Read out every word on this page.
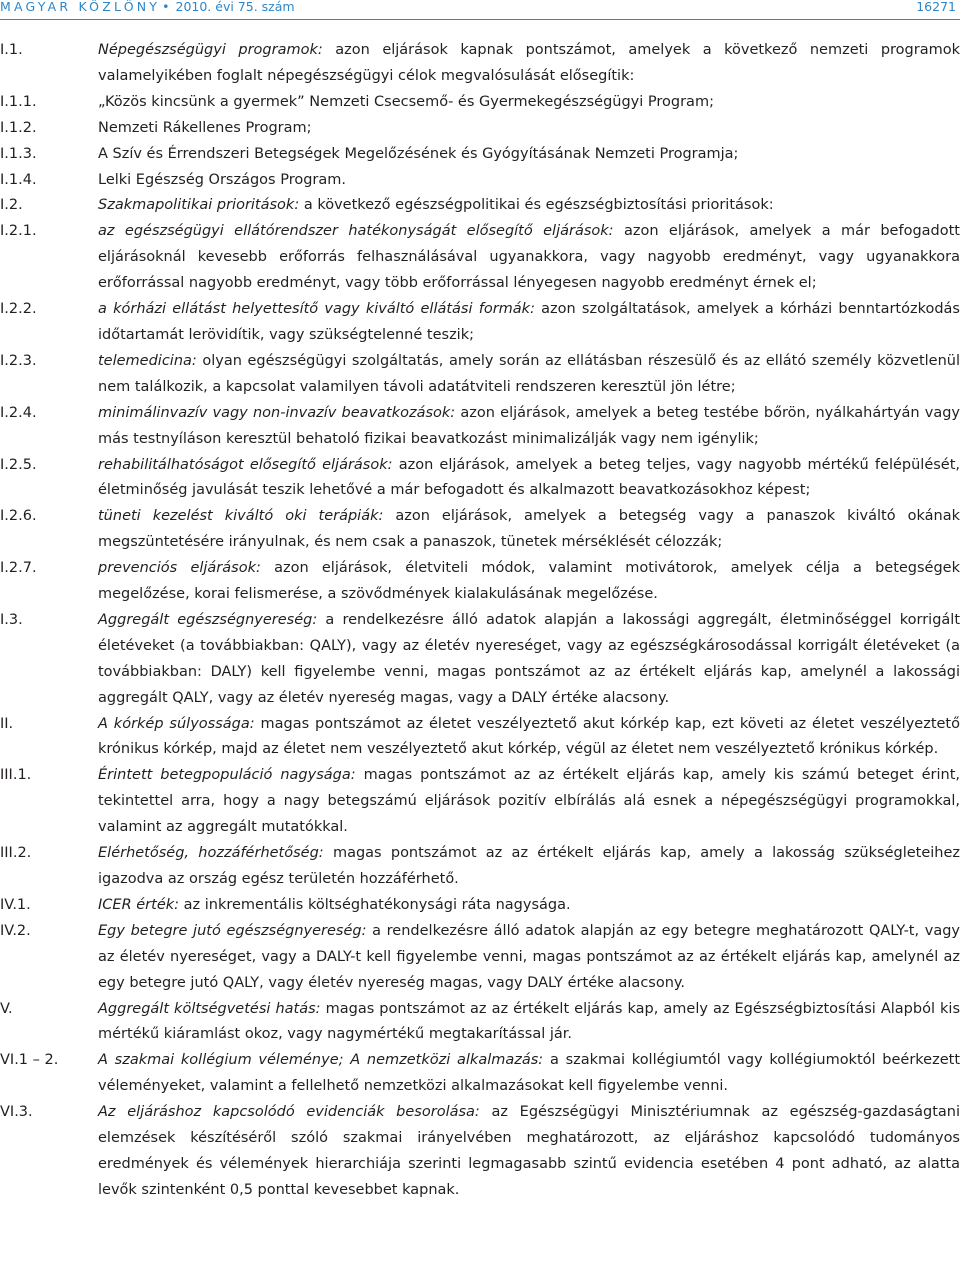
MAGYAR KÖZLÖNY • 2010. évi 75. szám	16271
I.1.	Népegészségügyi programok: azon eljárások kapnak pontszámot, amelyek a következő nemzeti programok valamelyikében foglalt népegészségügyi célok megvalósulását elősegítik:
I.1.1.	„Közös kincsünk a gyermek” Nemzeti Csecsemő- és Gyermekegészségügyi Program;
I.1.2.	Nemzeti Rákellenes Program;
I.1.3.	A Szív és Érrendszeri Betegségek Megelőzésének és Gyógyításának Nemzeti Programja;
I.1.4.	Lelki Egészség Országos Program.
I.2.	Szakmapolitikai prioritások: a következő egészségpolitikai és egészségbiztosítási prioritások:
I.2.1.	az egészségügyi ellátórendszer hatékonyságát elősegítő eljárások: azon eljárások, amelyek a már befogadott eljárásoknál kevesebb erőforrás felhasználásával ugyanakkora, vagy nagyobb eredményt, vagy ugyanakkora erőforrással nagyobb eredményt, vagy több erőforrással lényegesen nagyobb eredményt érnek el;
I.2.2.	a kórházi ellátást helyettesítő vagy kiváltó ellátási formák: azon szolgáltatások, amelyek a kórházi benntartózkodás időtartamát lerövidítik, vagy szükségtelenné teszik;
I.2.3.	telemedicina: olyan egészségügyi szolgáltatás, amely során az ellátásban részesülő és az ellátó személy közvetlenül nem találkozik, a kapcsolat valamilyen távoli adatátviteli rendszeren keresztül jön létre;
I.2.4.	minimálinvazív vagy non-invazív beavatkozások: azon eljárások, amelyek a beteg testébe bőrön, nyálkahártyán vagy más testnyíláson keresztül behatoló fizikai beavatkozást minimalizálják vagy nem igénylik;
I.2.5.	rehabilitálhatóságot elősegítő eljárások: azon eljárások, amelyek a beteg teljes, vagy nagyobb mértékű felépülését, életminőség javulását teszik lehetővé a már befogadott és alkalmazott beavatkozásokhoz képest;
I.2.6.	tüneti kezelést kiváltó oki terápiák: azon eljárások, amelyek a betegség vagy a panaszok kiváltó okának megszüntetésére irányulnak, és nem csak a panaszok, tünetek mérséklését célozzák;
I.2.7.	prevenciós eljárások: azon eljárások, életviteli módok, valamint motivátorok, amelyek célja a betegségek megelőzése, korai felismerése, a szövődmények kialakulásának megelőzése.
I.3.	Aggregált egészségnyereség: a rendelkezésre álló adatok alapján a lakossági aggregált, életminőséggel korrigált életéveket (a továbbiakban: QALY), vagy az életév nyereséget, vagy az egészségkárosodással korrigált életéveket (a továbbiakban: DALY) kell figyelembe venni, magas pontszámot az az értékelt eljárás kap, amelynél a lakossági aggregált QALY, vagy az életév nyereség magas, vagy a DALY értéke alacsony.
II.	A kórkép súlyossága: magas pontszámot az életet veszélyeztető akut kórkép kap, ezt követi az életet veszélyeztető krónikus kórkép, majd az életet nem veszélyeztető akut kórkép, végül az életet nem veszélyeztető krónikus kórkép.
III.1.	Érintett betegpopuláció nagysága: magas pontszámot az az értékelt eljárás kap, amely kis számú beteget érint, tekintettel arra, hogy a nagy betegszámú eljárások pozitív elbírálás alá esnek a népegészségügyi programokkal, valamint az aggregált mutatókkal.
III.2.	Elérhetőség, hozzáférhetőség: magas pontszámot az az értékelt eljárás kap, amely a lakosság szükségleteihez igazodva az ország egész területén hozzáférhető.
IV.1.	ICER érték: az inkrementális költséghatékonysági ráta nagysága.
IV.2.	Egy betegre jutó egészségnyereség: a rendelkezésre álló adatok alapján az egy betegre meghatározott QALY-t, vagy az életév nyereséget, vagy a DALY-t kell figyelembe venni, magas pontszámot az az értékelt eljárás kap, amelynél az egy betegre jutó QALY, vagy életév nyereség magas, vagy DALY értéke alacsony.
V.	Aggregált költségvetési hatás: magas pontszámot az az értékelt eljárás kap, amely az Egészségbiztosítási Alapból kis mértékű kiáramlást okoz, vagy nagymértékű megtakarítással jár.
VI.1 – 2.	A szakmai kollégium véleménye; A nemzetközi alkalmazás: a szakmai kollégiumtól vagy kollégiumoktól beérkezett véleményeket, valamint a fellelhető nemzetközi alkalmazásokat kell figyelembe venni.
VI.3.	Az eljáráshoz kapcsolódó evidenciák besorolása: az Egészségügyi Minisztériumnak az egészség-gazdaságtani elemzések készítéséről szóló szakmai irányelvében meghatározott, az eljáráshoz kapcsolódó tudományos eredmények és vélemények hierarchiája szerinti legmagasabb szintű evidencia esetében 4 pont adható, az alatta levők szintenként 0,5 ponttal kevesebbet kapnak.
